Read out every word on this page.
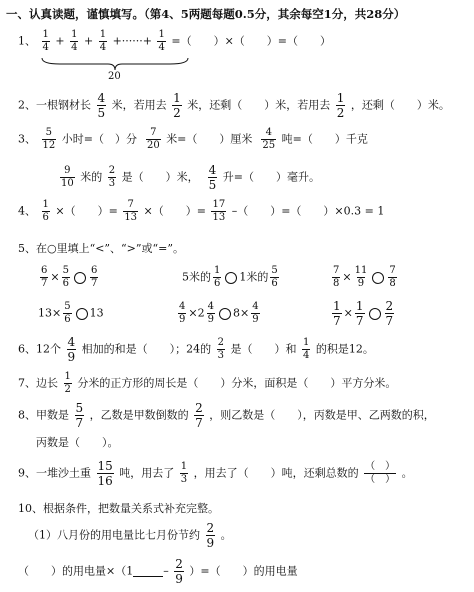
一、认真读题，谨慎填写。（第4、5两题每题0.5分，其余每空1分，共28分）
1、 $\frac{1}{4} + \frac{1}{4} + \frac{1}{4}$ +······+ $\frac{1}{4}$ =（　　）×（　　）=（　　）
20
2、一根钢材长 $\frac{4}{5}$ 米，若用去 $\frac{1}{2}$ 米，还剩（　　）米，若用去 $\frac{1}{2}$ ，还剩（　　）米。
3、 $\frac{5}{12}$ 小时=（　）分 $\frac{7}{20}$ 米=（　　）厘米 $\frac{4}{25}$ 吨=（　　）千克
$\frac{9}{10}$ 米的 $\frac{2}{3}$ 是（　　）米， $\frac{4}{5}$ 升=（　　）毫升。
4、 $\frac{1}{6}$ ×（　　）= $\frac{7}{13}$ ×（　　）= $\frac{17}{13}$ –（　　）=（　　）×0.3 = 1
5、在○里填上“<”、“>”或“=”。
$\frac{6}{7} \times \frac{5}{6} \frac{6}{7}$	5米的 $\frac{1}{6} 1$米的 $\frac{5}{6}$	$\frac{7}{8} \times \frac{11}{9} \frac{7}{8}$
$13\times \frac{5}{6} 13$	$\frac{4}{9} \times 2 \frac{4}{9} 8\times \frac{4}{9}$	$\frac{1}{7} \times \frac{1}{7} \frac{2}{7}$
6、12个 $\frac{4}{9}$ 相加的和是（　　）；24的 $\frac{2}{3}$ 是（　　）和 $\frac{1}{4}$ 的积是12。
7、边长 $\frac{1}{2}$ 分米的正方形的周长是（　　）分米，面积是（　　）平方分米。
8、甲数是 $\frac{5}{7}$ ，乙数是甲数倒数的 $\frac{2}{7}$ ，则乙数是（　　），丙数是甲、乙两数的积，
丙数是（　　）。
9、一堆沙土重 $\frac{15}{16}$ 吨，用去了 $\frac{1}{3}$ ，用去了（　　）吨，还剩总数的 （　）
（　） 。
10、根据条件，把数量关系式补充完整。
（1）八月份的用电量比七月份节约 $\frac{2}{9}$ 。
（　　）的用电量×（1	– $\frac{2}{9}$ ）=（　　）的用电量
